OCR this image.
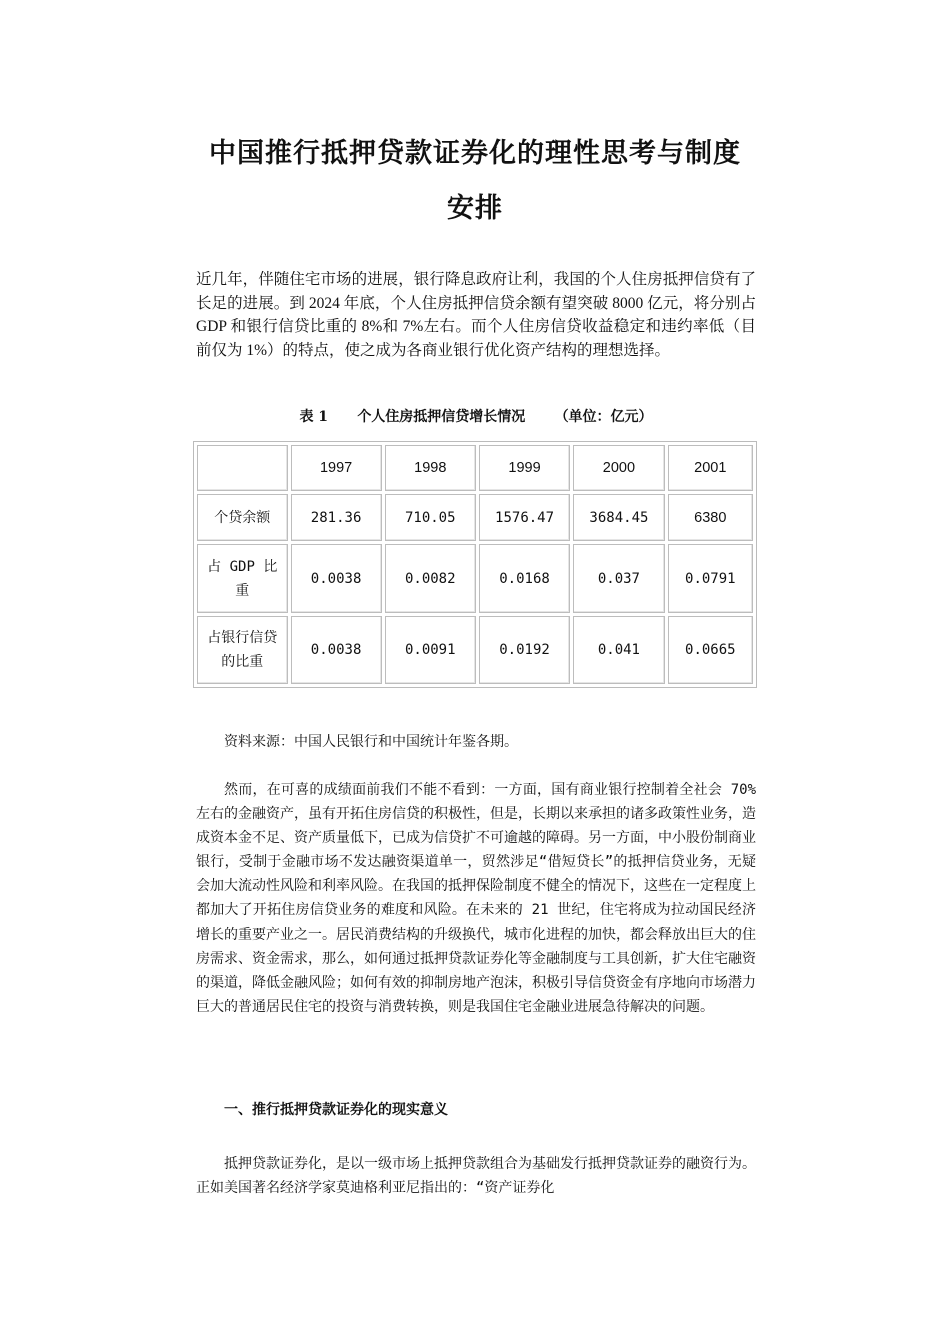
中国推行抵押贷款证券化的理性思考与制度
安排

近几年，伴随住宅市场的进展，银行降息政府让利，我国的个人住房抵押信贷有了长足的进展。到 2024 年底，个人住房抵押信贷余额有望突破 8000 亿元，将分别占 GDP 和银行信贷比重的 8%和 7%左右。而个人住房信贷收益稳定和违约率低（目前仅为 1%）的特点，使之成为各商业银行优化资产结构的理想选择。

表 1 个人住房抵押信贷增长情况 （单位：亿元）

	1997	1998	1999	2000	2001
个贷余额	281.36	710.05	1576.47	3684.45	6380
占 GDP 比重	0.0038	0.0082	0.0168	0.037	0.0791
占银行信贷的比重	0.0038	0.0091	0.0192	0.041	0.0665

资料来源：中国人民银行和中国统计年鉴各期。

然而，在可喜的成绩面前我们不能不看到：一方面，国有商业银行控制着全社会 70%左右的金融资产，虽有开拓住房信贷的积极性，但是，长期以来承担的诸多政策性业务，造成资本金不足、资产质量低下，已成为信贷扩不可逾越的障碍。另一方面，中小股份制商业银行，受制于金融市场不发达融资渠道单一，贸然涉足“借短贷长”的抵押信贷业务，无疑会加大流动性风险和利率风险。在我国的抵押保险制度不健全的情况下，这些在一定程度上都加大了开拓住房信贷业务的难度和风险。在未来的 21 世纪，住宅将成为拉动国民经济增长的重要产业之一。居民消费结构的升级换代，城市化进程的加快，都会释放出巨大的住房需求、资金需求，那么，如何通过抵押贷款证券化等金融制度与工具创新，扩大住宅融资的渠道，降低金融风险；如何有效的抑制房地产泡沫，积极引导信贷资金有序地向市场潜力巨大的普通居民住宅的投资与消费转换，则是我国住宅金融业进展急待解决的问题。

一、推行抵押贷款证券化的现实意义

抵押贷款证券化，是以一级市场上抵押贷款组合为基础发行抵押贷款证券的融资行为。正如美国著名经济学家莫迪格利亚尼指出的：“资产证券化
